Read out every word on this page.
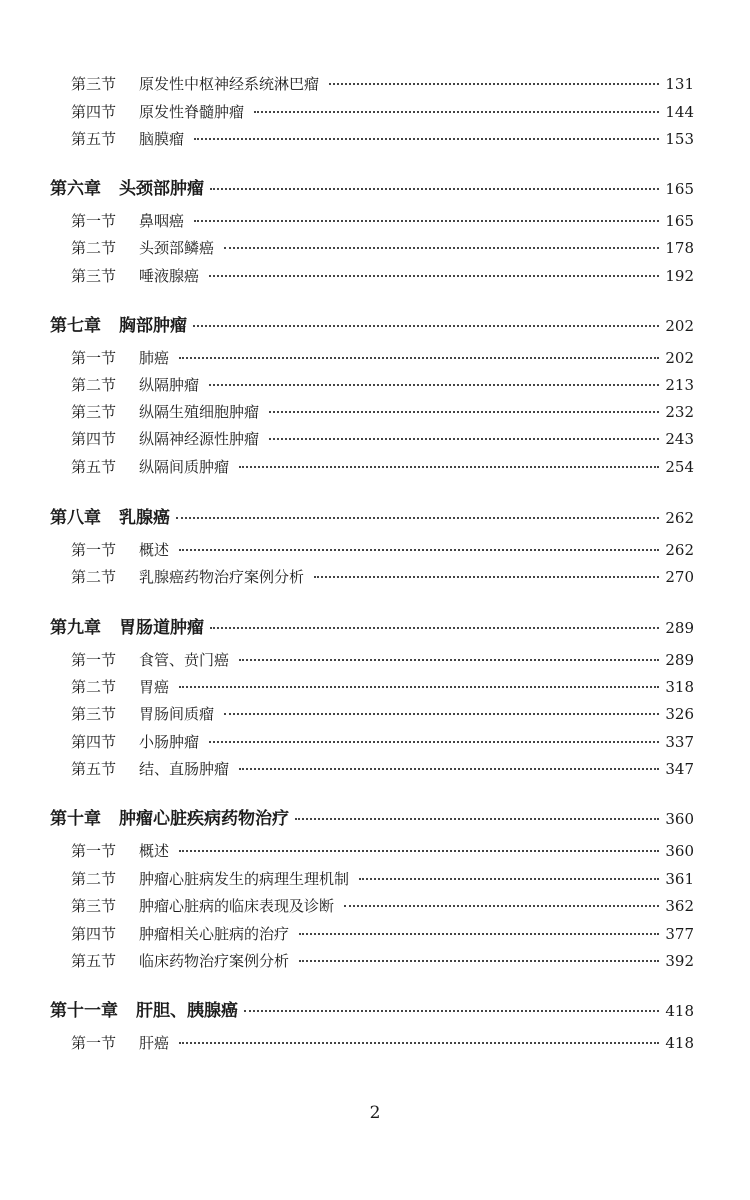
第三节	原发性中枢神经系统淋巴瘤	131
第四节	原发性脊髓肿瘤	144
第五节	脑膜瘤	153
第六章 头颈部肿瘤	165
第一节	鼻咽癌	165
第二节	头颈部鳞癌	178
第三节	唾液腺癌	192
第七章 胸部肿瘤	202
第一节	肺癌	202
第二节	纵隔肿瘤	213
第三节	纵隔生殖细胞肿瘤	232
第四节	纵隔神经源性肿瘤	243
第五节	纵隔间质肿瘤	254
第八章 乳腺癌	262
第一节	概述	262
第二节	乳腺癌药物治疗案例分析	270
第九章 胃肠道肿瘤	289
第一节	食管、贲门癌	289
第二节	胃癌	318
第三节	胃肠间质瘤	326
第四节	小肠肿瘤	337
第五节	结、直肠肿瘤	347
第十章 肿瘤心脏疾病药物治疗	360
第一节	概述	360
第二节	肿瘤心脏病发生的病理生理机制	361
第三节	肿瘤心脏病的临床表现及诊断	362
第四节	肿瘤相关心脏病的治疗	377
第五节	临床药物治疗案例分析	392
第十一章 肝胆、胰腺癌	418
第一节	肝癌	418
2
